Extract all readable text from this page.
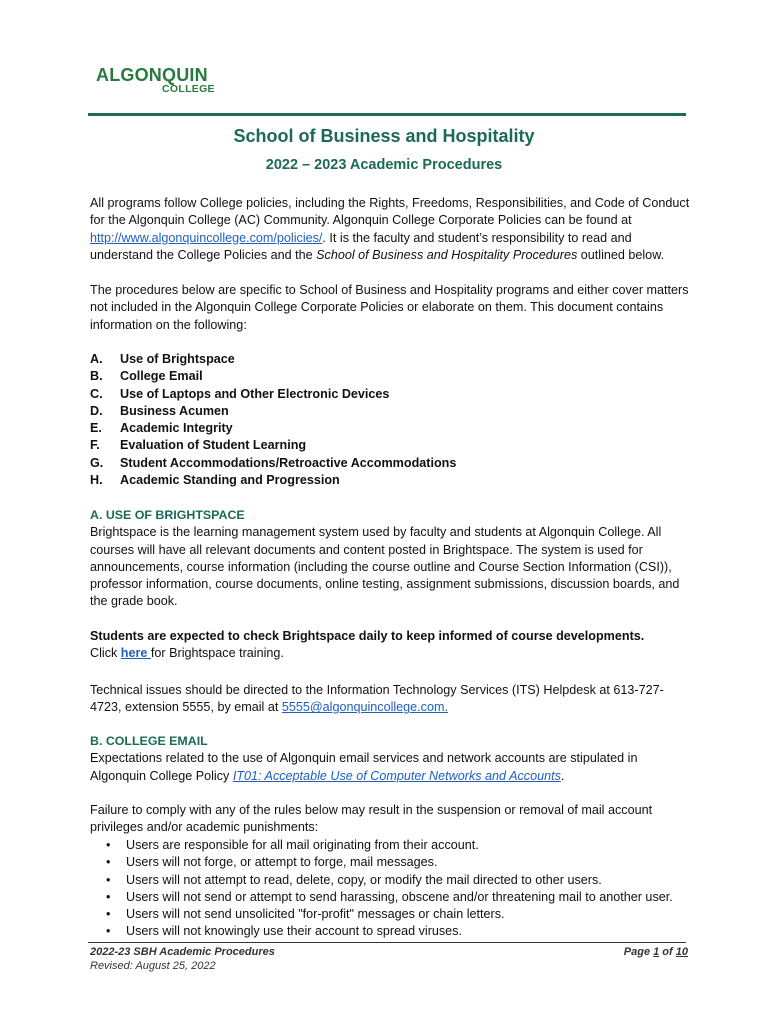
ALGONQUIN
COLLEGE
School of Business and Hospitality
2022 – 2023 Academic Procedures

All programs follow College policies, including the Rights, Freedoms, Responsibilities, and Code of Conduct for the Algonquin College (AC) Community. Algonquin College Corporate Policies can be found at http://www.algonquincollege.com/policies/. It is the faculty and student’s responsibility to read and understand the College Policies and the School of Business and Hospitality Procedures outlined below.

The procedures below are specific to School of Business and Hospitality programs and either cover matters not included in the Algonquin College Corporate Policies or elaborate on them. This document contains information on the following:

A.	Use of Brightspace
B.	College Email
C.	Use of Laptops and Other Electronic Devices
D.	Business Acumen
E.	Academic Integrity
F.	Evaluation of Student Learning
G.	Student Accommodations/Retroactive Accommodations
H.	Academic Standing and Progression
A. USE OF BRIGHTSPACE

Brightspace is the learning management system used by faculty and students at Algonquin College. All courses will have all relevant documents and content posted in Brightspace. The system is used for announcements, course information (including the course outline and Course Section Information (CSI)), professor information, course documents, online testing, assignment submissions, discussion boards, and the grade book.

Students are expected to check Brightspace daily to keep informed of course developments.

Click here for Brightspace training.

Technical issues should be directed to the Information Technology Services (ITS) Helpdesk at 613-727-4723, extension 5555, by email at 5555@algonquincollege.com.

B. COLLEGE EMAIL

Expectations related to the use of Algonquin email services and network accounts are stipulated in Algonquin College Policy IT01: Acceptable Use of Computer Networks and Accounts.

Failure to comply with any of the rules below may result in the suspension or removal of mail account privileges and/or academic punishments:

•	Users are responsible for all mail originating from their account.
•	Users will not forge, or attempt to forge, mail messages.
•	Users will not attempt to read, delete, copy, or modify the mail directed to other users.
•	Users will not send or attempt to send harassing, obscene and/or threatening mail to another user.
•	Users will not send unsolicited "for-profit" messages or chain letters.
•	Users will not knowingly use their account to spread viruses.
2022-23 SBH Academic Procedures
Revised: August 25, 2022
Page 1 of 10
